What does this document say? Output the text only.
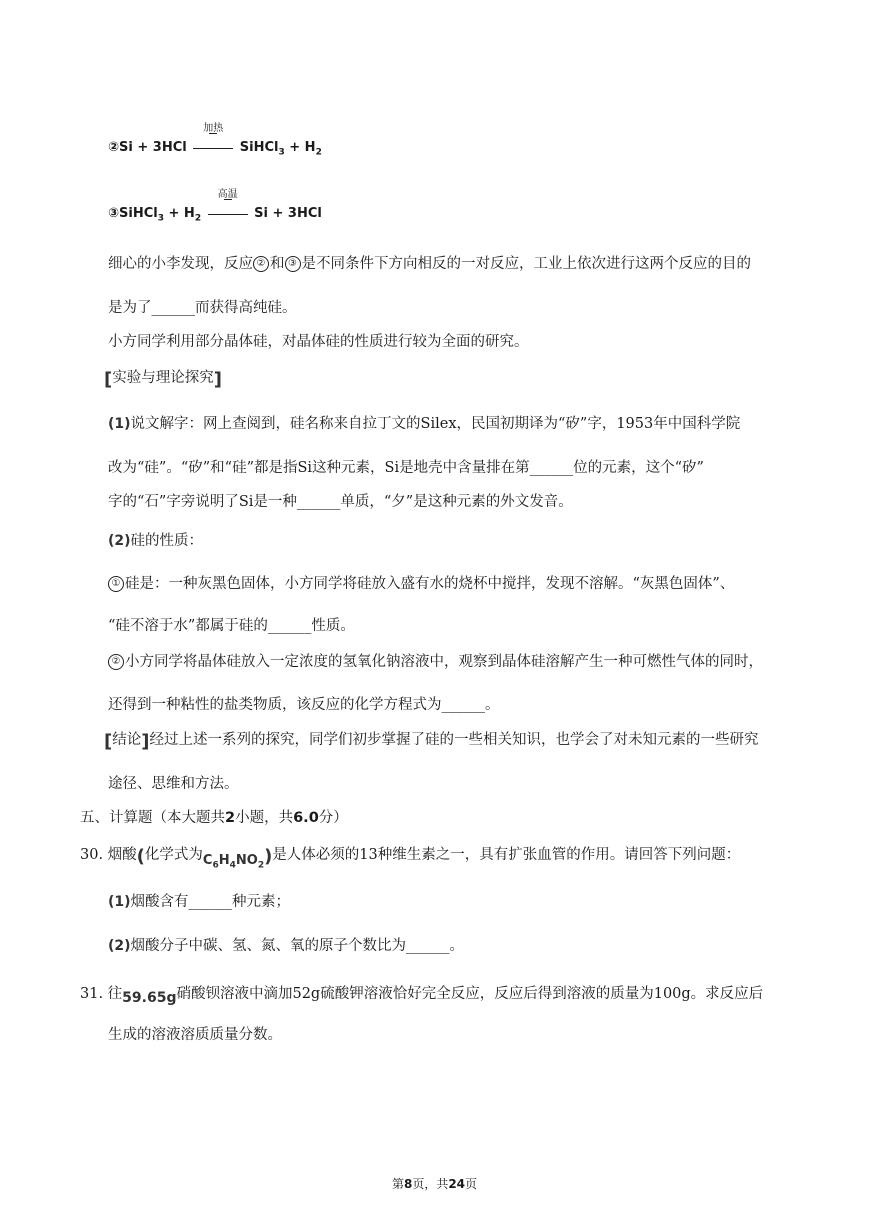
②Si + 3HCl
加热
SiHCl$_3$ + $H_2$
③SiHCl$_3$ + $H_2$
高温
Si + 3HCl
细心的小李发现，反应 ② 和 ③ 是不同条件下方向相反的一对反应，工业上依次进行这两个反应的目的
是为了______而获得高纯硅。
小方同学利用部分晶体硅，对晶体硅的性质进行较为全面的研究。
[实验与理论探究]
(1)说文解字：网上查阅到，硅名称来自拉丁文的Silex，民国初期译为“矽”字，1953年中国科学院
改为“硅”。“矽”和“硅”都是指Si这种元素，Si是地壳中含量排在第______位的元素，这个“矽”
字的“石”字旁说明了Si是一种______单质，“夕”是这种元素的外文发音。
(2)硅的性质：
① 硅是：一种灰黑色固体，小方同学将硅放入盛有水的烧杯中搅拌，发现不溶解。“灰黑色固体”、
“硅不溶于水”都属于硅的______性质。
② 小方同学将晶体硅放入一定浓度的氢氧化钠溶液中，观察到晶体硅溶解产生一种可燃性气体的同时，
还得到一种粘性的盐类物质，该反应的化学方程式为______。
[结论]经过上述一系列的探究，同学们初步掌握了硅的一些相关知识，也学会了对未知元素的一些研究
途径、思维和方法。
五、计算题（本大题共2小题，共6.0分）
30. 烟酸(化学式为$C_6H_4NO_2$)是人体必须的13种维生素之一，具有扩张血管的作用。请回答下列问题：
(1)烟酸含有______种元素；
(2)烟酸分子中碳、氢、氮、氧的原子个数比为______。
31. 往59.65g硝酸钡溶液中滴加52g硫酸钾溶液恰好完全反应，反应后得到溶液的质量为100g。求反应后
生成的溶液溶质质量分数。
第8页，共24页
